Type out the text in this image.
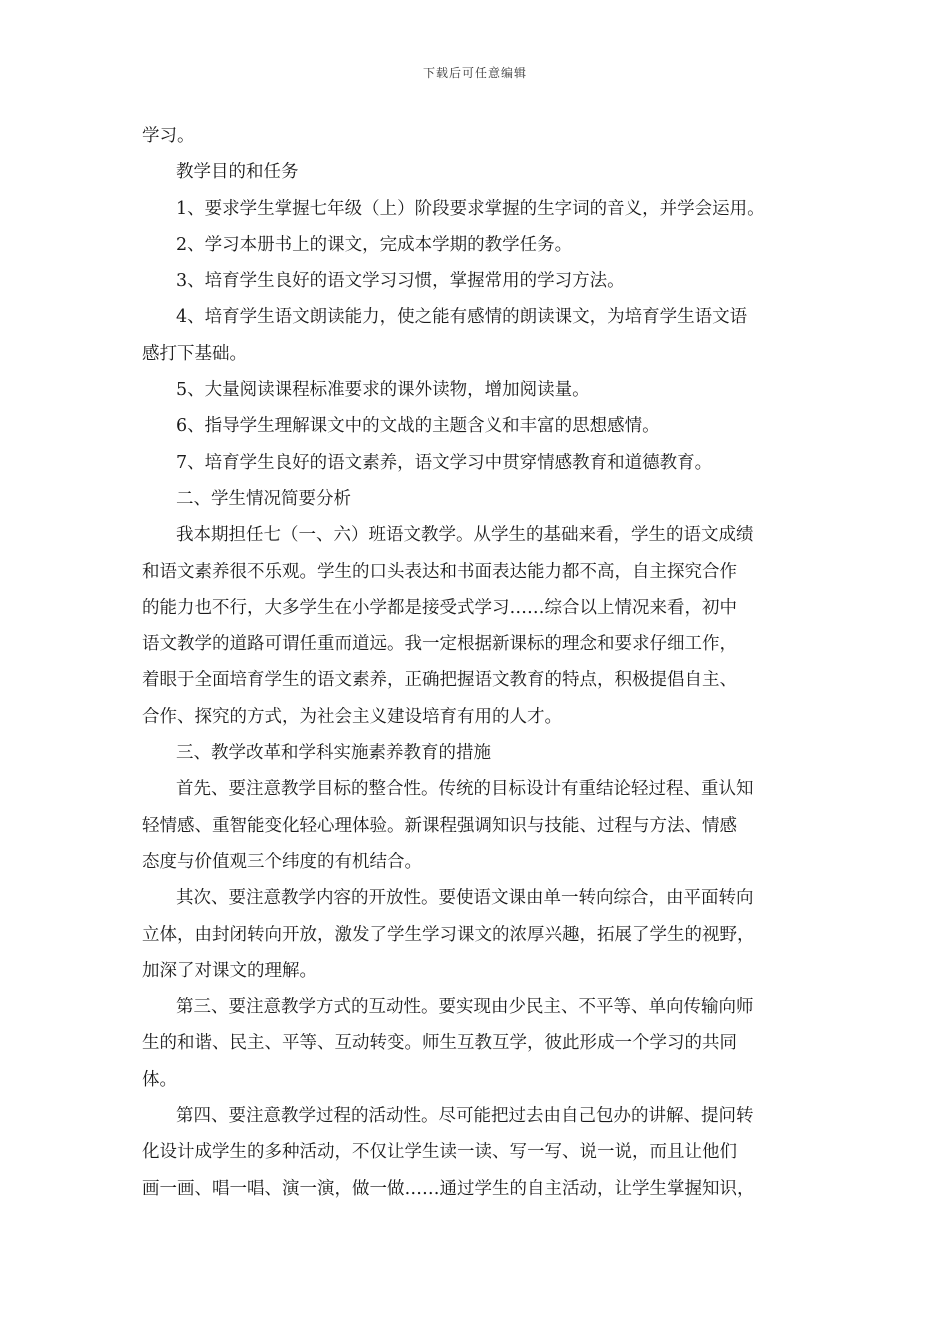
下载后可任意编辑
学习。
教学目的和任务
1、要求学生掌握七年级（上）阶段要求掌握的生字词的音义，并学会运用。
2、学习本册书上的课文，完成本学期的教学任务。
3、培育学生良好的语文学习习惯，掌握常用的学习方法。
4、培育学生语文朗读能力，使之能有感情的朗读课文，为培育学生语文语
感打下基础。
5、大量阅读课程标准要求的课外读物，增加阅读量。
6、指导学生理解课文中的文战的主题含义和丰富的思想感情。
7、培育学生良好的语文素养，语文学习中贯穿情感教育和道德教育。
二、学生情况简要分析
我本期担任七（一、六）班语文教学。从学生的基础来看，学生的语文成绩
和语文素养很不乐观。学生的口头表达和书面表达能力都不高，自主探究合作
的能力也不行，大多学生在小学都是接受式学习……综合以上情况来看，初中
语文教学的道路可谓任重而道远。我一定根据新课标的理念和要求仔细工作，
着眼于全面培育学生的语文素养，正确把握语文教育的特点，积极提倡自主、
合作、探究的方式，为社会主义建设培育有用的人才。
三、教学改革和学科实施素养教育的措施
首先、要注意教学目标的整合性。传统的目标设计有重结论轻过程、重认知
轻情感、重智能变化轻心理体验。新课程强调知识与技能、过程与方法、情感
态度与价值观三个纬度的有机结合。
其次、要注意教学内容的开放性。要使语文课由单一转向综合，由平面转向
立体，由封闭转向开放，激发了学生学习课文的浓厚兴趣，拓展了学生的视野，
加深了对课文的理解。
第三、要注意教学方式的互动性。要实现由少民主、不平等、单向传输向师
生的和谐、民主、平等、互动转变。师生互教互学，彼此形成一个学习的共同
体。
第四、要注意教学过程的活动性。尽可能把过去由自己包办的讲解、提问转
化设计成学生的多种活动，不仅让学生读一读、写一写、说一说，而且让他们
画一画、唱一唱、演一演，做一做……通过学生的自主活动，让学生掌握知识，
